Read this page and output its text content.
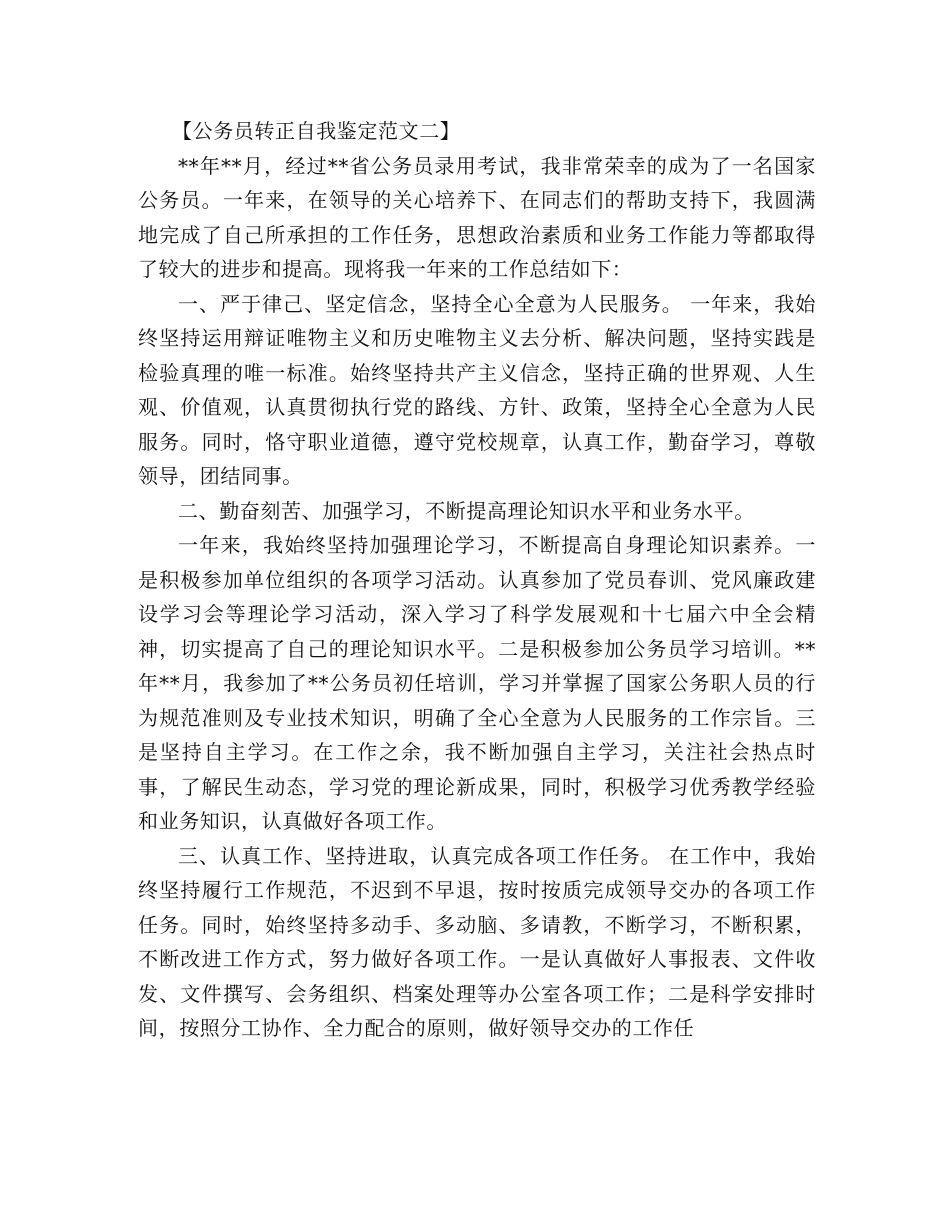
【公务员转正自我鉴定范文二】

**年**月，经过**省公务员录用考试，我非常荣幸的成为了一名国家公务员。一年来，在领导的关心培养下、在同志们的帮助支持下，我圆满地完成了自己所承担的工作任务，思想政治素质和业务工作能力等都取得了较大的进步和提高。现将我一年来的工作总结如下：

一、严于律己、坚定信念，坚持全心全意为人民服务。 一年来，我始终坚持运用辩证唯物主义和历史唯物主义去分析、解决问题，坚持实践是检验真理的唯一标准。始终坚持共产主义信念，坚持正确的世界观、人生观、价值观，认真贯彻执行党的路线、方针、政策，坚持全心全意为人民服务。同时，恪守职业道德，遵守党校规章，认真工作，勤奋学习，尊敬领导，团结同事。

二、勤奋刻苦、加强学习，不断提高理论知识水平和业务水平。

一年来，我始终坚持加强理论学习，不断提高自身理论知识素养。一是积极参加单位组织的各项学习活动。认真参加了党员春训、党风廉政建设学习会等理论学习活动，深入学习了科学发展观和十七届六中全会精神，切实提高了自己的理论知识水平。二是积极参加公务员学习培训。**年**月，我参加了**公务员初任培训，学习并掌握了国家公务职人员的行为规范准则及专业技术知识，明确了全心全意为人民服务的工作宗旨。三是坚持自主学习。在工作之余，我不断加强自主学习，关注社会热点时事，了解民生动态，学习党的理论新成果，同时，积极学习优秀教学经验和业务知识，认真做好各项工作。

三、认真工作、坚持进取，认真完成各项工作任务。 在工作中，我始终坚持履行工作规范，不迟到不早退，按时按质完成领导交办的各项工作任务。同时，始终坚持多动手、多动脑、多请教，不断学习，不断积累，不断改进工作方式，努力做好各项工作。一是认真做好人事报表、文件收发、文件撰写、会务组织、档案处理等办公室各项工作；二是科学安排时间，按照分工协作、全力配合的原则，做好领导交办的工作任
